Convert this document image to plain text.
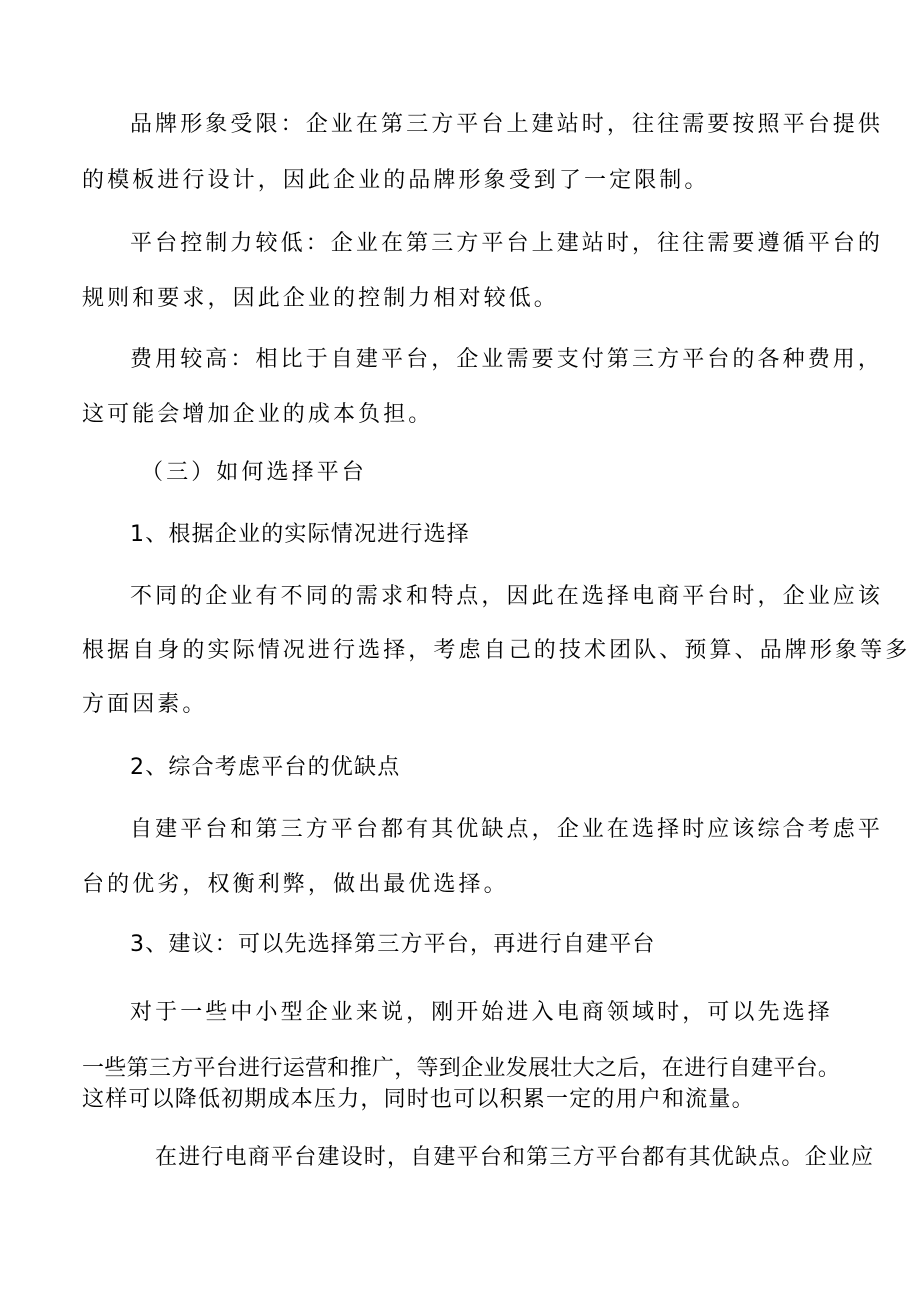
品牌形象受限：企业在第三方平台上建站时，往往需要按照平台提供
的模板进行设计，因此企业的品牌形象受到了一定限制。
平台控制力较低：企业在第三方平台上建站时，往往需要遵循平台的
规则和要求，因此企业的控制力相对较低。
费用较高：相比于自建平台，企业需要支付第三方平台的各种费用，
这可能会增加企业的成本负担。
（三）如何选择平台
1、根据企业的实际情况进行选择
不同的企业有不同的需求和特点，因此在选择电商平台时，企业应该
根据自身的实际情况进行选择，考虑自己的技术团队、预算、品牌形象等多
方面因素。
2、综合考虑平台的优缺点
自建平台和第三方平台都有其优缺点，企业在选择时应该综合考虑平
台的优劣，权衡利弊，做出最优选择。
3、建议：可以先选择第三方平台，再进行自建平台
对于一些中小型企业来说，刚开始进入电商领域时，可以先选择
一些第三方平台进行运营和推广，等到企业发展壮大之后，在进行自建平台。
这样可以降低初期成本压力，同时也可以积累一定的用户和流量。
在进行电商平台建设时，自建平台和第三方平台都有其优缺点。企业应
